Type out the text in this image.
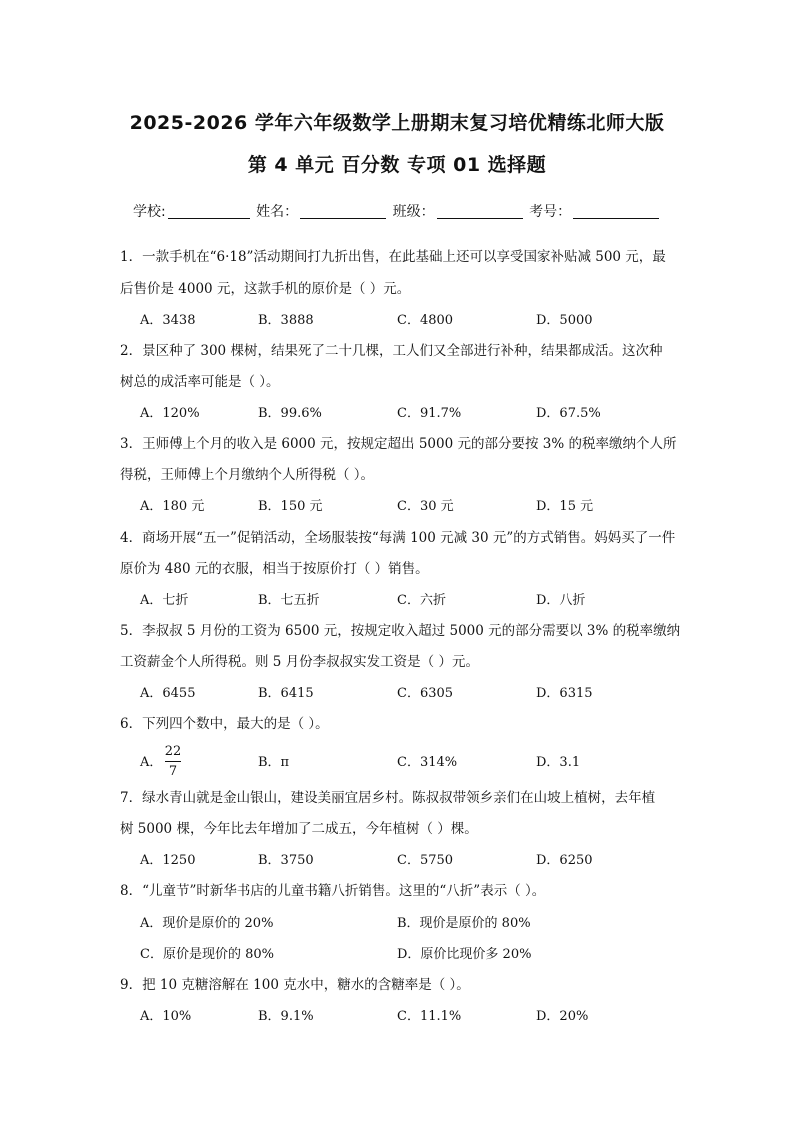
2025-2026 学年六年级数学上册期末复习培优精练北师大版
第 4 单元 百分数 专项 01 选择题
学校:	姓名：	班级：	考号：
1．一款手机在“6·18”活动期间打九折出售，在此基础上还可以享受国家补贴减 500 元，最
后售价是 4000 元，这款手机的原价是（ ）元。
A．3438	B．3888	C．4800	D．5000
2．景区种了 300 棵树，结果死了二十几棵，工人们又全部进行补种，结果都成活。这次种
树总的成活率可能是（ ）。
A．120%	B．99.6%	C．91.7%	D．67.5%
3．王师傅上个月的收入是 6000 元，按规定超出 5000 元的部分要按 3% 的税率缴纳个人所
得税，王师傅上个月缴纳个人所得税（ ）。
A．180 元	B．150 元	C．30 元	D．15 元
4．商场开展“五一”促销活动，全场服装按“每满 100 元减 30 元”的方式销售。妈妈买了一件
原价为 480 元的衣服，相当于按原价打（ ）销售。
A．七折	B．七五折	C．六折	D．八折
5．李叔叔 5 月份的工资为 6500 元，按规定收入超过 5000 元的部分需要以 3% 的税率缴纳
工资薪金个人所得税。则 5 月份李叔叔实发工资是（ ）元。
A．6455	B．6415	C．6305	D．6315
6．下列四个数中，最大的是（ ）。
A．
22
7
B．π	C．314%	D．3.1
7．绿水青山就是金山银山，建设美丽宜居乡村。陈叔叔带领乡亲们在山坡上植树，去年植
树 5000 棵，今年比去年增加了二成五，今年植树（ ）棵。
A．1250	B．3750	C．5750	D．6250
8．“儿童节”时新华书店的儿童书籍八折销售。这里的“八折”表示（ ）。
A．现价是原价的 20%	B．现价是原价的 80%
C．原价是现价的 80%	D．原价比现价多 20%
9．把 10 克糖溶解在 100 克水中，糖水的含糖率是（ ）。
A．10%	B．9.1%	C．11.1%	D．20%
